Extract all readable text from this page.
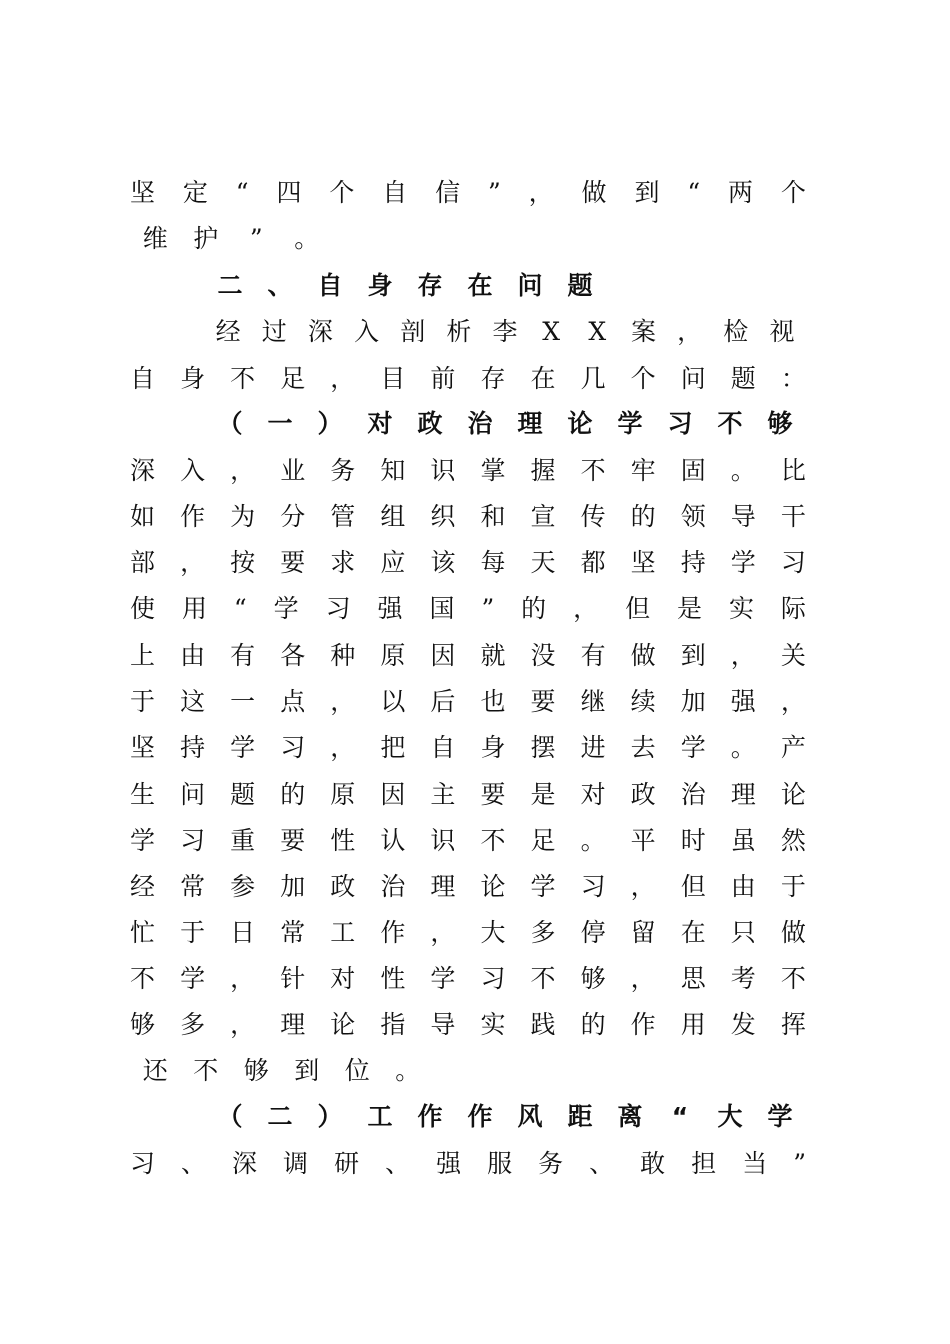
坚 定 “ 四 个 自 信 ” ， 做 到 “ 两 个
维	护	”	。
二 、 自 身 存 在 问 题
经 过 深 入 剖 析 李 X	X 案 ， 检 视
自 身 不 足 ， 目 前 存 在 几 个 问 题 ：
（ 一 ） 对 政 治 理 论 学 习 不 够
深 入 ， 业 务 知 识 掌 握 不 牢 固 。 比
如 作 为 分 管 组 织 和 宣 传 的 领 导 干
部 ， 按 要 求 应 该 每 天 都 坚 持 学 习
使 用 “ 学 习 强 国 ” 的 ， 但 是 实 际
上 由 有 各 种 原 因 就 没 有 做 到 ， 关
于 这 一 点 ， 以 后 也 要 继 续 加 强 ，
坚 持 学 习 ， 把 自 身 摆 进 去 学 。 产
生 问 题 的 原 因 主 要 是 对 政 治 理 论
学 习 重 要 性 认 识 不 足 。 平 时 虽 然
经 常 参 加 政 治 理 论 学 习 ， 但 由 于
忙 于 日 常 工 作 ， 大 多 停 留 在 只 做
不 学 ， 针 对 性 学 习 不 够 ， 思 考 不
够 多 ， 理 论 指 导 实 践 的 作 用 发 挥
还	不	够	到	位	。
（ 二 ） 工 作 作 风 距 离	“	大 学
习 、 深 调 研 、 强 服 务 、 敢 担 当 ”
